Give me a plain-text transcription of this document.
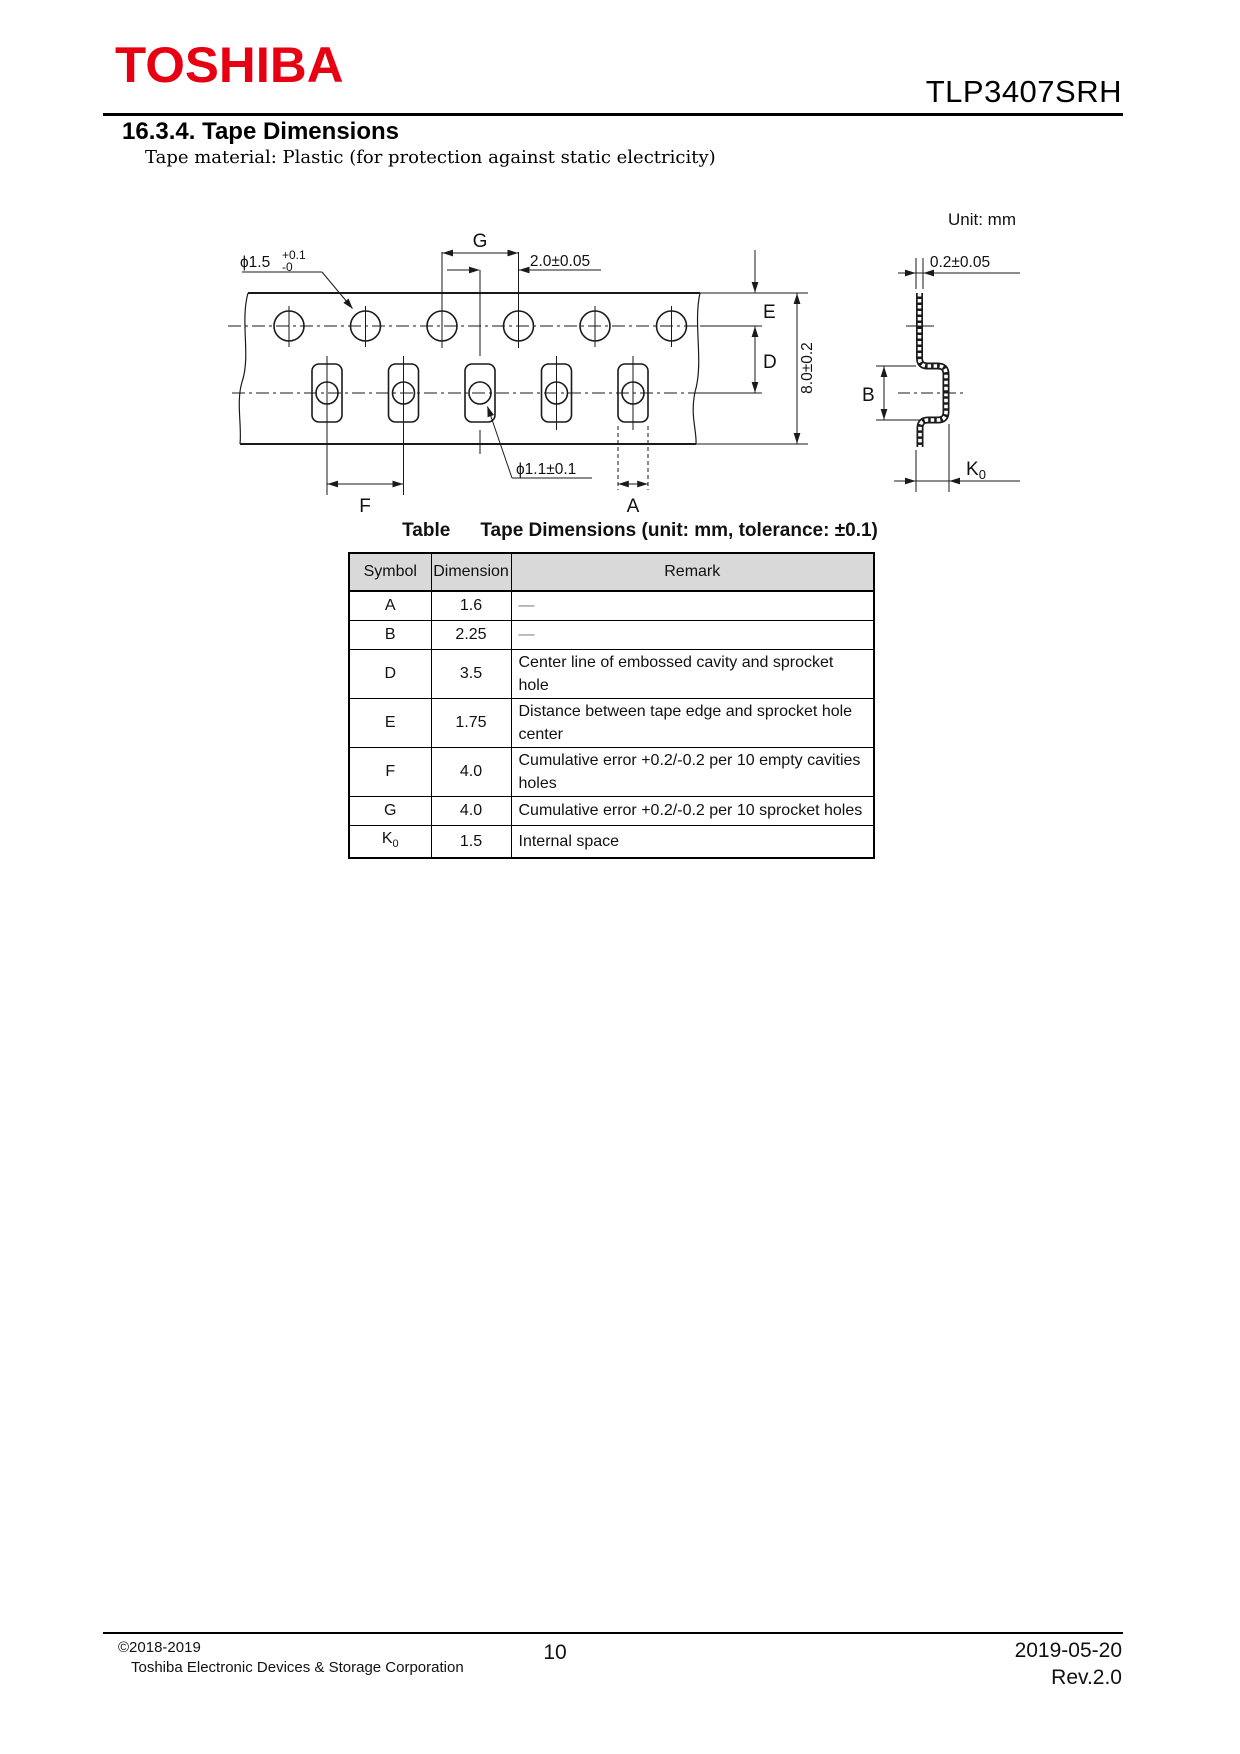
TOSHIBA	TLP3407SRH
16.3.4. Tape Dimensions
Tape material: Plastic (for protection against static electricity)
Unit: mm
G
2.0±0.05
ϕ1.5 +0.1
-0
ϕ1.1±0.1
E
D 8.0±0.2
F	A
B
0.2±0.05
$K_0$
Table Tape Dimensions (unit: mm, tolerance: ±0.1)
Symbol	Dimension	Remark
A	1.6	—
B	2.25	—
D	3.5	Center line of embossed cavity and sprocket hole
E	1.75	Distance between tape edge and sprocket hole center
F	4.0	Cumulative error +0.2/-0.2 per 10 empty cavities holes
G	4.0	Cumulative error +0.2/-0.2 per 10 sprocket holes
$K_0$	1.5	Internal space
©2018-2019
Toshiba Electronic Devices & Storage Corporation
10	2019-05-20
Rev.2.0
